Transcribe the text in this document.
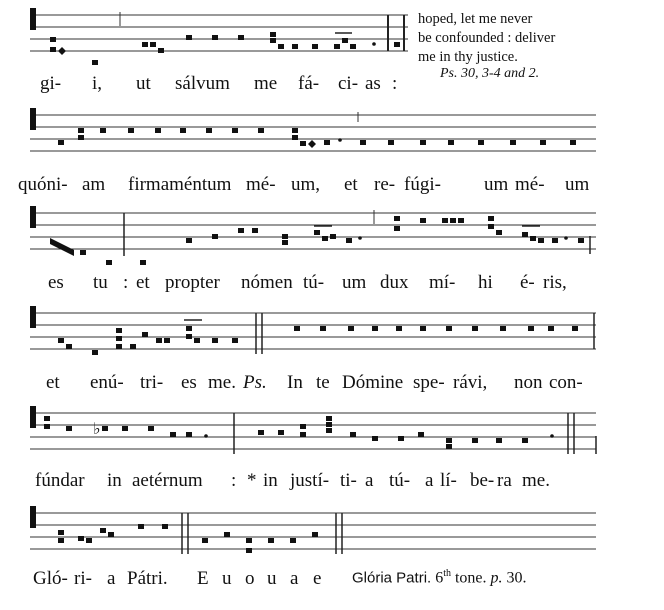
gi- i, ut sálvum me fá- ci- as :
hoped, let me never
be confounded : deliver
me in thy justice.
Ps. 30, 3-4 and 2.
quóni- am firmaméntum mé- um, et re- fúgi- um mé- um
es tu : et propter nómen tú- um dux mí- hi é- ris,
et enú- tri- es me. Ps. In te Dómine spe- rávi, non con-
♭
fúndar in aetérnum : * in justí- ti- a tú- a lí- be- ra me.
Gló- ri- a Pátri. E u o u a e Glória Patri. 6th tone. p. 30.
